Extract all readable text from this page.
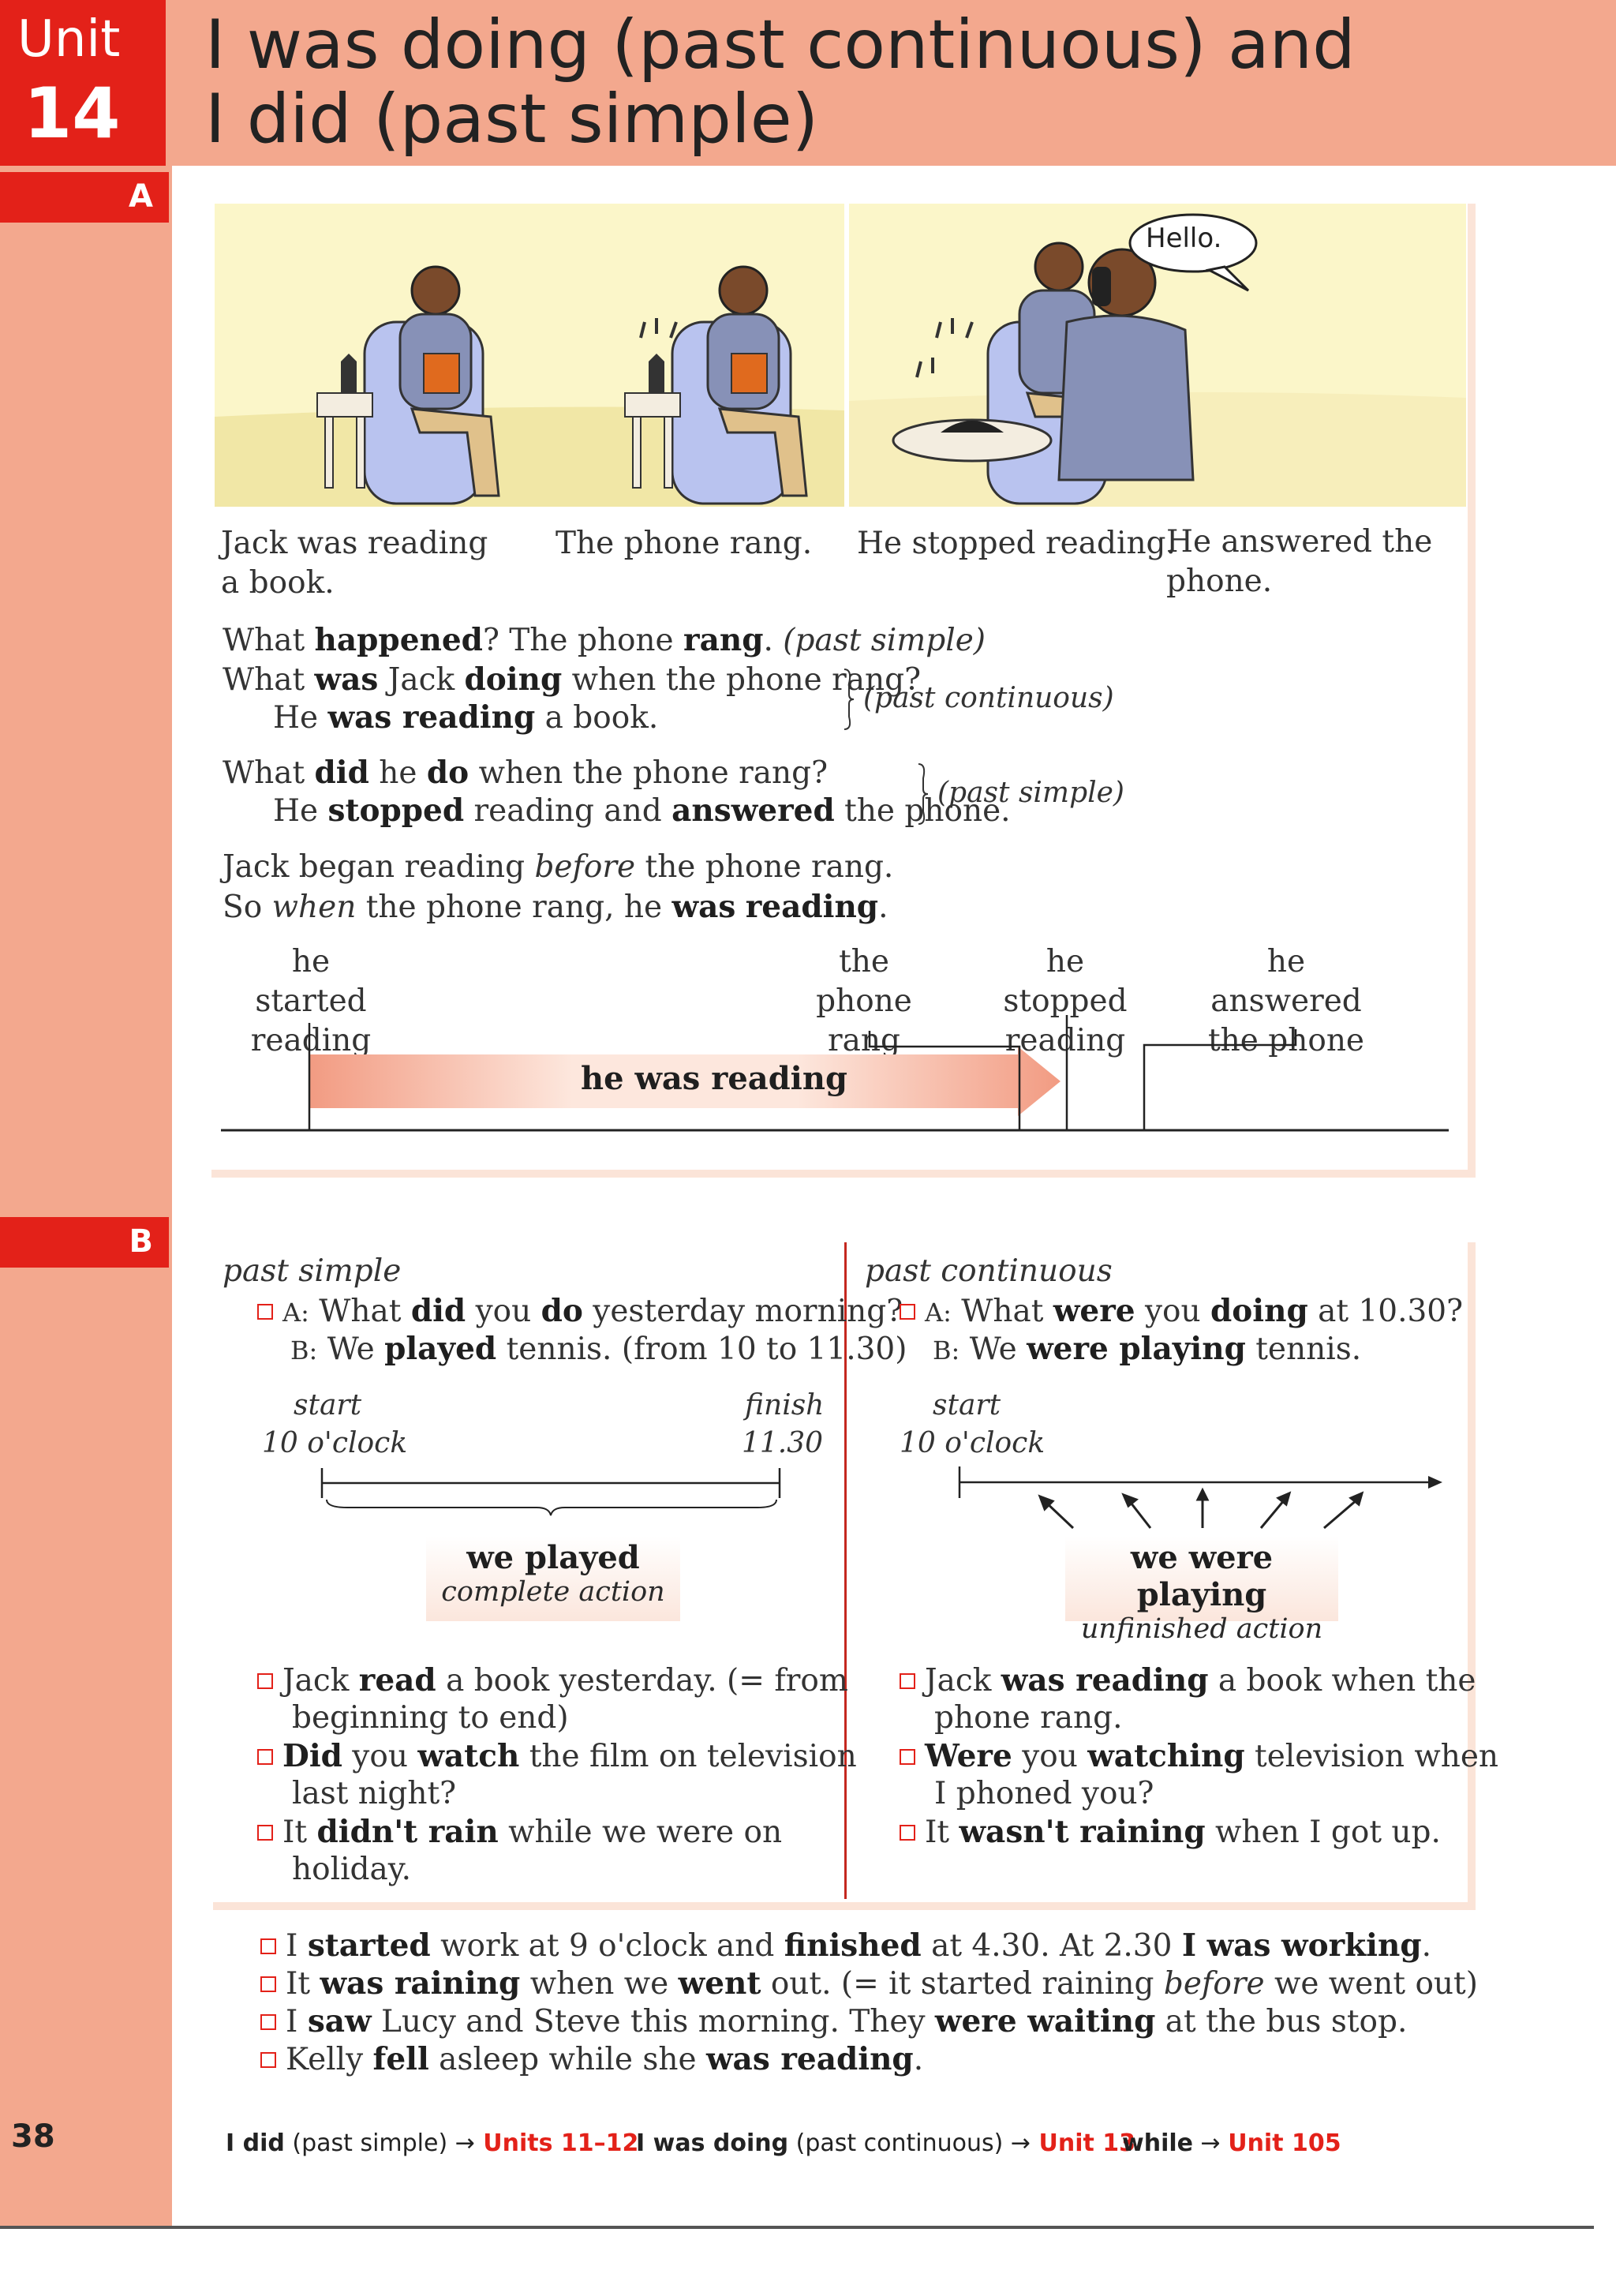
Unit
14
I was doing (past continuous) and
I did (past simple)
A
B
38
Hello.
Jack was reading
a book.
The phone rang. He stopped reading.
He answered the
phone.
What happened? The phone rang. (past simple)
What was Jack doing when the phone rang?
He was reading a book.
(past continuous)
What did he do when the phone rang?
He stopped reading and answered the phone.
(past simple)
Jack began reading before the phone rang.
So when the phone rang, he was reading.
he started
reading
the phone
rang
he stopped
reading
he answered
the phone
he was reading
past simple
A: What did you do yesterday morning?
B: We played tennis. (from 10 to 11.30)
start
10 o'clock
finish
11.30
we played
complete action
Jack read a book yesterday. (= from
beginning to end)
Did you watch the film on television
last night?
It didn't rain while we were on
holiday.
past continuous
A: What were you doing at 10.30?
B: We were playing tennis.
start
10 o'clock
we were playing
unfinished action
Jack was reading a book when the
phone rang.
Were you watching television when
I phoned you?
It wasn't raining when I got up.
I started work at 9 o'clock and finished at 4.30. At 2.30 I was working.
It was raining when we went out. (= it started raining before we went out)
I saw Lucy and Steve this morning. They were waiting at the bus stop.
Kelly fell asleep while she was reading.
I did (past simple) → Units 11–12
I was doing (past continuous) → Unit 13
while → Unit 105
